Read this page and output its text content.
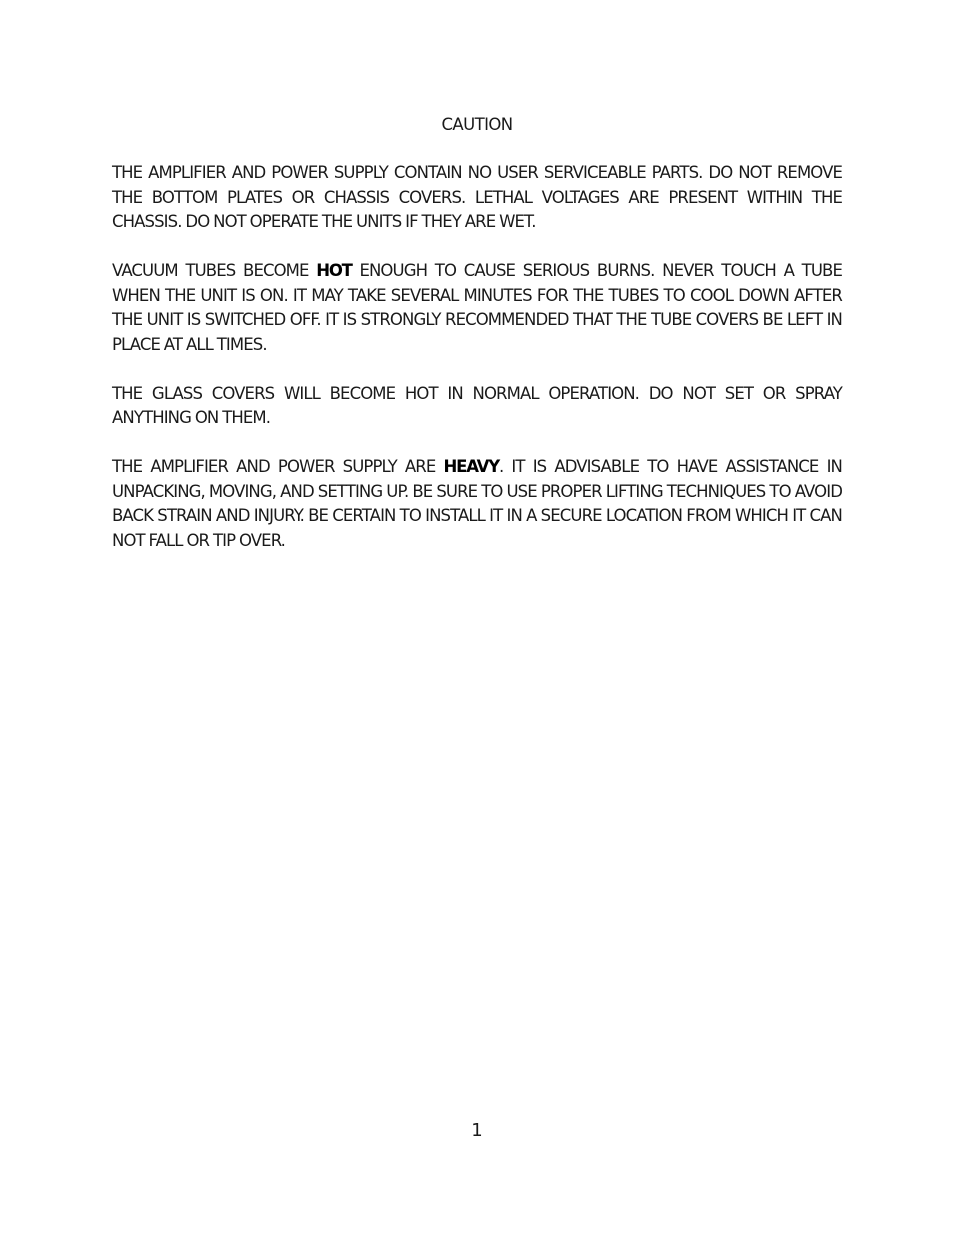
CAUTION

THE AMPLIFIER AND POWER SUPPLY CONTAIN NO USER SERVICEABLE PARTS. DO NOT REMOVE THE BOTTOM PLATES OR CHASSIS COVERS. LETHAL VOLTAGES ARE PRESENT WITHIN THE CHASSIS. DO NOT OPERATE THE UNITS IF THEY ARE WET.

VACUUM TUBES BECOME HOT ENOUGH TO CAUSE SERIOUS BURNS. NEVER TOUCH A TUBE WHEN THE UNIT IS ON. IT MAY TAKE SEVERAL MINUTES FOR THE TUBES TO COOL DOWN AFTER THE UNIT IS SWITCHED OFF. IT IS STRONGLY RECOMMENDED THAT THE TUBE COVERS BE LEFT IN PLACE AT ALL TIMES.

THE GLASS COVERS WILL BECOME HOT IN NORMAL OPERATION. DO NOT SET OR SPRAY ANYTHING ON THEM.

THE AMPLIFIER AND POWER SUPPLY ARE HEAVY. IT IS ADVISABLE TO HAVE ASSISTANCE IN UNPACKING, MOVING, AND SETTING UP. BE SURE TO USE PROPER LIFTING TECHNIQUES TO AVOID BACK STRAIN AND INJURY. BE CERTAIN TO INSTALL IT IN A SECURE LOCATION FROM WHICH IT CAN NOT FALL OR TIP OVER.

1
